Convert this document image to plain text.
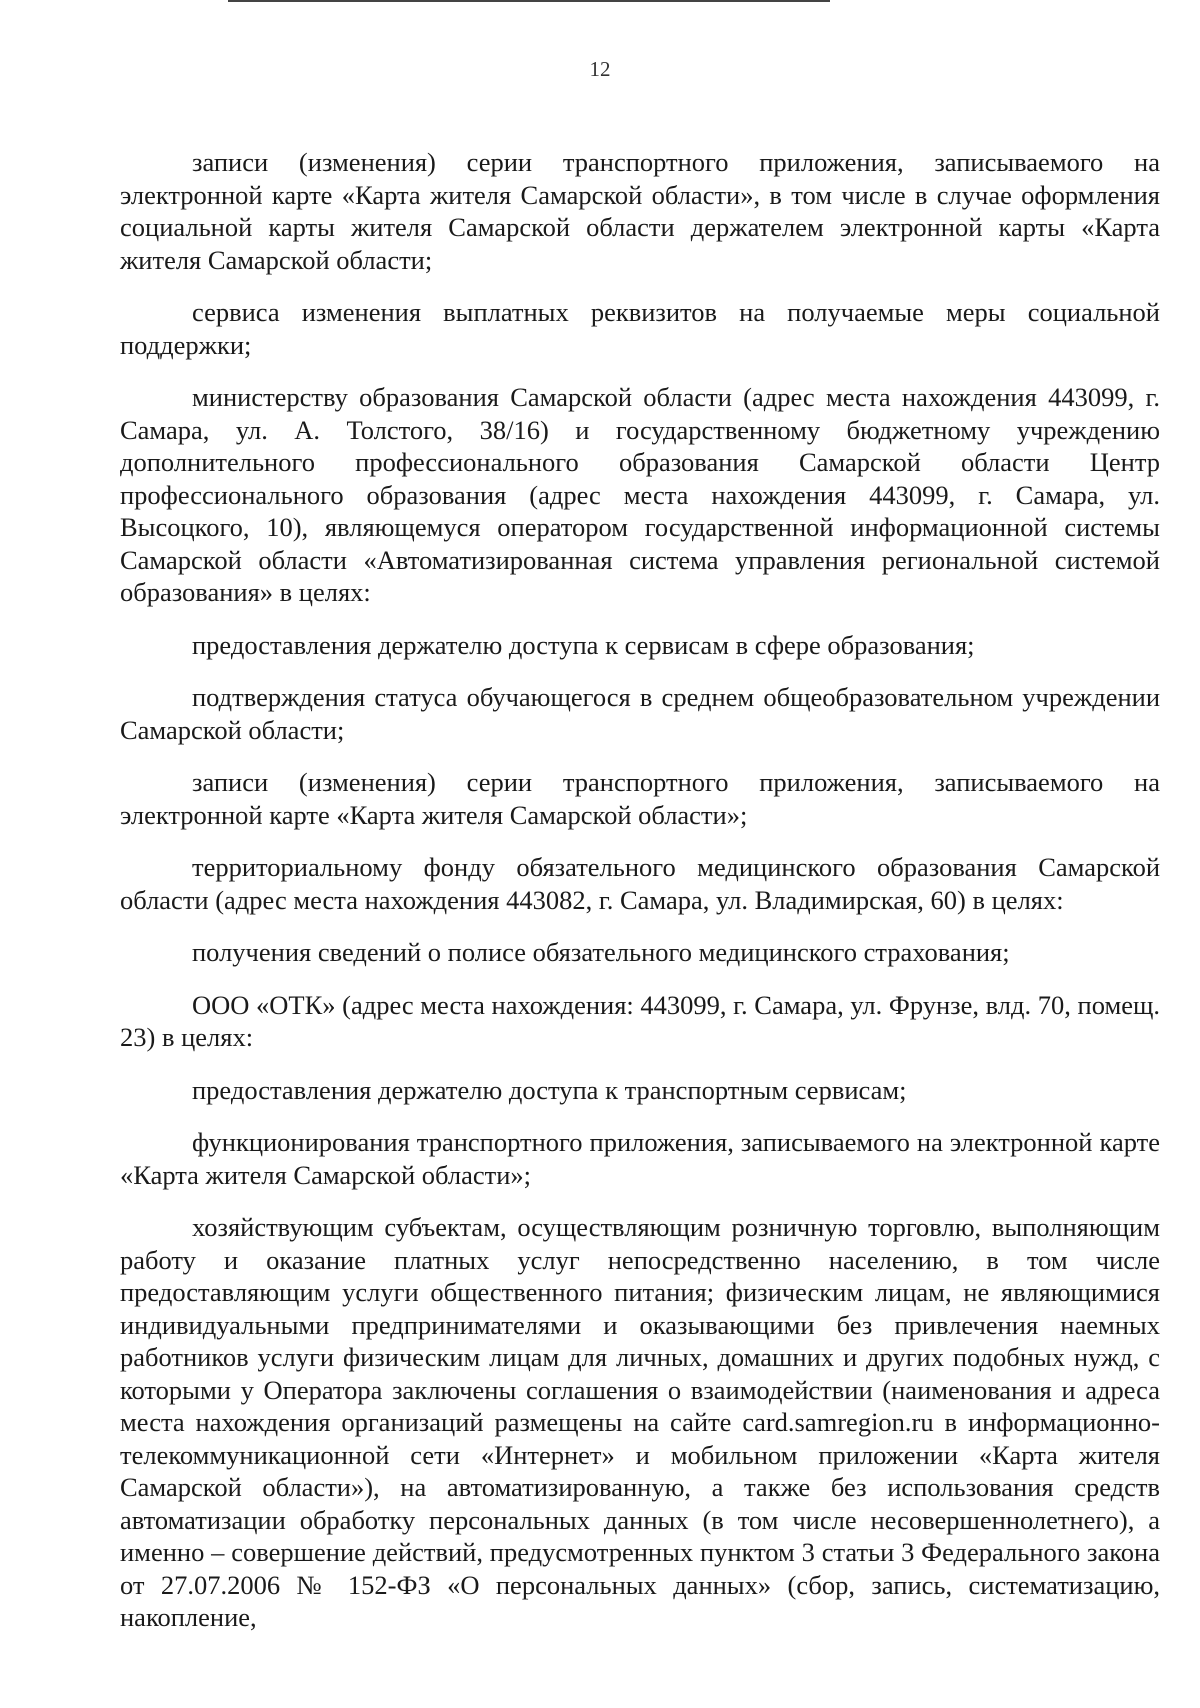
12

записи (изменения) серии транспортного приложения, записываемого на электронной карте «Карта жителя Самарской области», в том числе в случае оформления социальной карты жителя Самарской области держателем электронной карты «Карта жителя Самарской области;

сервиса изменения выплатных реквизитов на получаемые меры социальной поддержки;

министерству образования Самарской области (адрес места нахождения 443099, г. Самара, ул. А. Толстого, 38/16) и государственному бюджетному учреждению дополнительного профессионального образования Самарской области Центр профессионального образования (адрес места нахождения 443099, г. Самара, ул. Высоцкого, 10), являющемуся оператором государственной информационной системы Самарской области «Автоматизированная система управления региональной системой образования» в целях:

предоставления держателю доступа к сервисам в сфере образования;

подтверждения статуса обучающегося в среднем общеобразовательном учреждении Самарской области;

записи (изменения) серии транспортного приложения, записываемого на электронной карте «Карта жителя Самарской области»;

территориальному фонду обязательного медицинского образования Самарской области (адрес места нахождения 443082, г. Самара, ул. Владимирская, 60) в целях:

получения сведений о полисе обязательного медицинского страхования;

ООО «ОТК» (адрес места нахождения: 443099, г. Самара, ул. Фрунзе, влд. 70, помещ. 23) в целях:

предоставления держателю доступа к транспортным сервисам;

функционирования транспортного приложения, записываемого на электронной карте «Карта жителя Самарской области»;

хозяйствующим субъектам, осуществляющим розничную торговлю, выполняющим работу и оказание платных услуг непосредственно населению, в том числе предоставляющим услуги общественного питания; физическим лицам, не являющимися индивидуальными предпринимателями и оказывающими без привлечения наемных работников услуги физическим лицам для личных, домашних и других подобных нужд, с которыми у Оператора заключены соглашения о взаимодействии (наименования и адреса места нахождения организаций размещены на сайте card.samregion.ru в информационно-телекоммуникационной сети «Интернет» и мобильном приложении «Карта жителя Самарской области»), на автоматизированную, а также без использования средств автоматизации обработку персональных данных (в том числе несовершеннолетнего), а именно – совершение действий, предусмотренных пунктом 3 статьи 3 Федерального закона от 27.07.2006 № 152-ФЗ «О персональных данных» (сбор, запись, систематизацию, накопление,
